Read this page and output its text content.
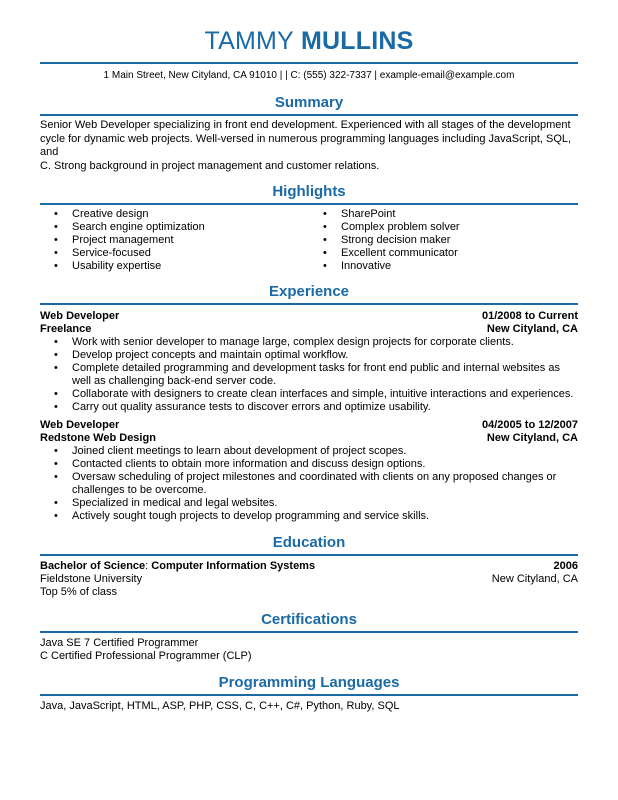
TAMMY MULLINS
1 Main Street, New Cityland, CA 91010 | | C: (555) 322-7337 | example-email@example.com
Summary
Senior Web Developer specializing in front end development. Experienced with all stages of the development
cycle for dynamic web projects. Well-versed in numerous programming languages including JavaScript, SQL, and
C. Strong background in project management and customer relations.
Highlights
• Creative design
• Search engine optimization
• Project management
• Service-focused
• Usability expertise
• SharePoint
• Complex problem solver
• Strong decision maker
• Excellent communicator
• Innovative
Experience
Web Developer	01/2008 to Current
Freelance	New Cityland, CA
• Work with senior developer to manage large, complex design projects for corporate clients.
• Develop project concepts and maintain optimal workflow.
• Complete detailed programming and development tasks for front end public and internal websites as well as challenging back-end server code.
• Collaborate with designers to create clean interfaces and simple, intuitive interactions and experiences.
• Carry out quality assurance tests to discover errors and optimize usability.
Web Developer	04/2005 to 12/2007
Redstone Web Design	New Cityland, CA
• Joined client meetings to learn about development of project scopes.
• Contacted clients to obtain more information and discuss design options.
• Oversaw scheduling of project milestones and coordinated with clients on any proposed changes or challenges to be overcome.
• Specialized in medical and legal websites.
• Actively sought tough projects to develop programming and service skills.
Education
Bachelor of Science: Computer Information Systems	2006
Fieldstone University	New Cityland, CA
Top 5% of class
Certifications
Java SE 7 Certified Programmer
C Certified Professional Programmer (CLP)
Programming Languages
Java, JavaScript, HTML, ASP, PHP, CSS, C, C++, C#, Python, Ruby, SQL
